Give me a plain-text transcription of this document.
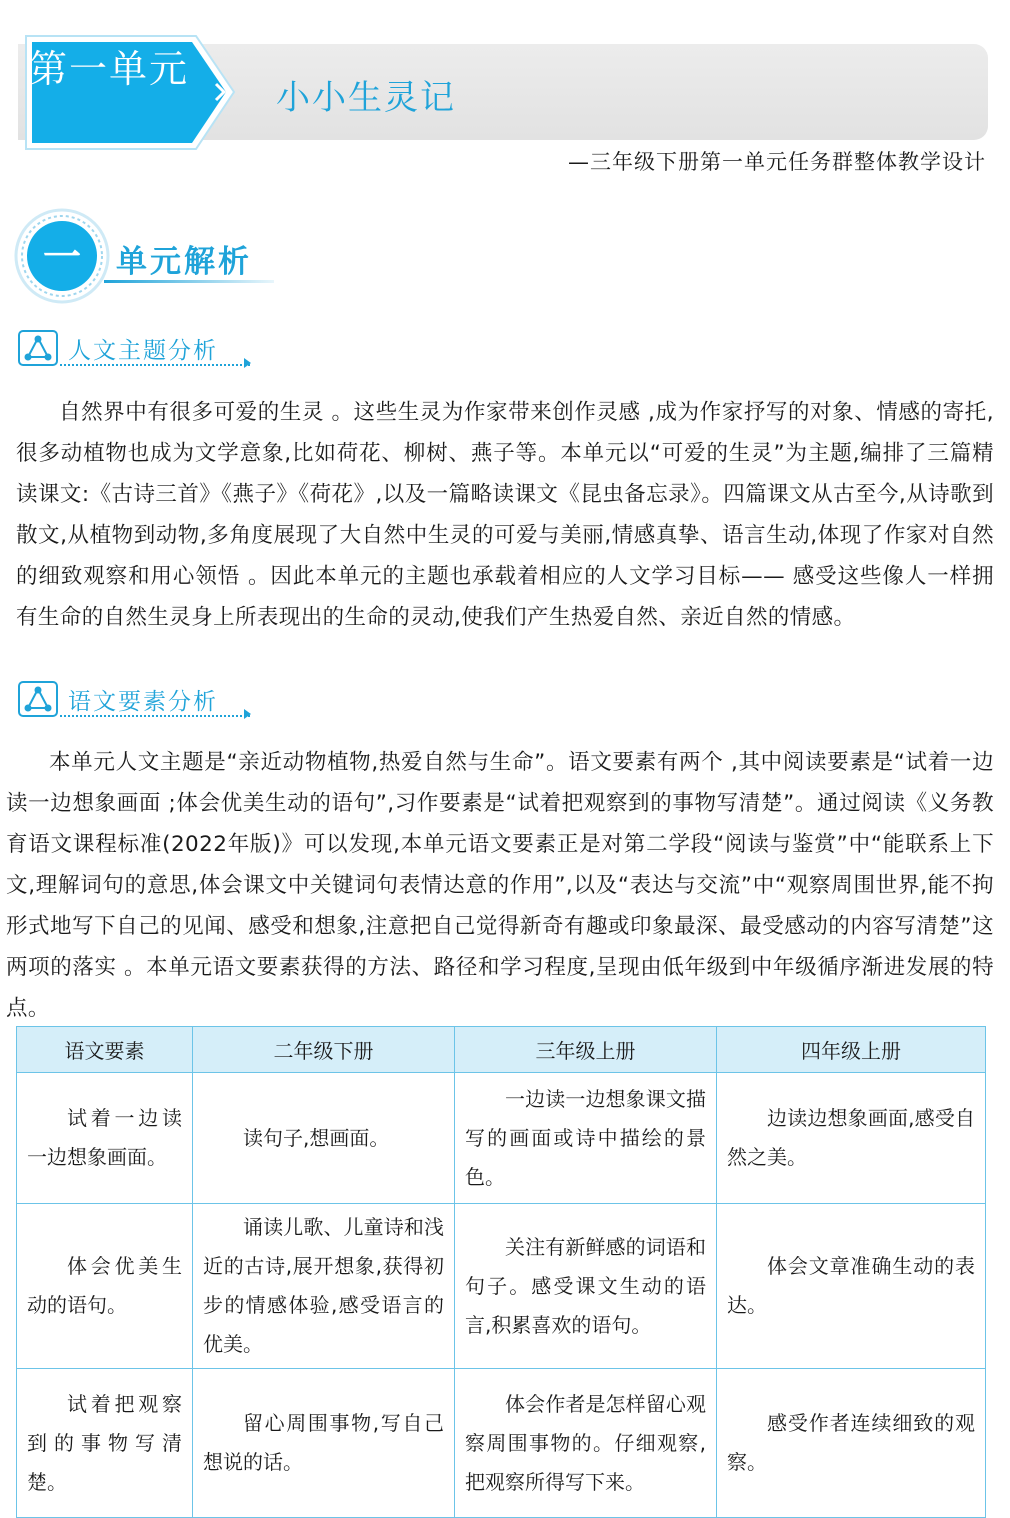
第一单元
小小生灵记
—三年级下册第一单元任务群整体教学设计
一	单元解析
人文主题分析

自然界中有很多可爱的生灵 。这些生灵为作家带来创作灵感 ,成为作家抒写的对象、情感的寄托,很多动植物也成为文学意象,比如荷花、柳树、燕子等。本单元以“可爱的生灵”为主题,编排了三篇精读课文:《古诗三首》《燕子》《荷花》,以及一篇略读课文《昆虫备忘录》。四篇课文从古至今,从诗歌到散文,从植物到动物,多角度展现了大自然中生灵的可爱与美丽,情感真挚、语言生动,体现了作家对自然的细致观察和用心领悟 。因此本单元的主题也承载着相应的人文学习目标—— 感受这些像人一样拥有生命的自然生灵身上所表现出的生命的灵动,使我们产生热爱自然、亲近自然的情感。

语文要素分析

本单元人文主题是“亲近动物植物,热爱自然与生命”。语文要素有两个 ,其中阅读要素是“试着一边读一边想象画面 ;体会优美生动的语句”,习作要素是“试着把观察到的事物写清楚”。通过阅读《义务教育语文课程标准(2022年版)》可以发现,本单元语文要素正是对第二学段“阅读与鉴赏”中“能联系上下文,理解词句的意思,体会课文中关键词句表情达意的作用”,以及“表达与交流”中“观察周围世界,能不拘形式地写下自己的见闻、感受和想象,注意把自己觉得新奇有趣或印象最深、最受感动的内容写清楚”这两项的落实 。本单元语文要素获得的方法、路径和学习程度,呈现由低年级到中年级循序渐进发展的特点。

语文要素	二年级下册	三年级上册	四年级上册
试着一边读一边想象画面。	读句子,想画面。	一边读一边想象课文描写的画面或诗中描绘的景色。	边读边想象画面,感受自然之美。
体会优美生动的语句。	诵读儿歌、儿童诗和浅近的古诗,展开想象,获得初步的情感体验,感受语言的优美。	关注有新鲜感的词语和句子。感受课文生动的语言,积累喜欢的语句。	体会文章准确生动的表达。
试着把观察到的事物写清楚。	留心周围事物,写自己想说的话。	体会作者是怎样留心观察周围事物的。仔细观察,把观察所得写下来。	感受作者连续细致的观察。
